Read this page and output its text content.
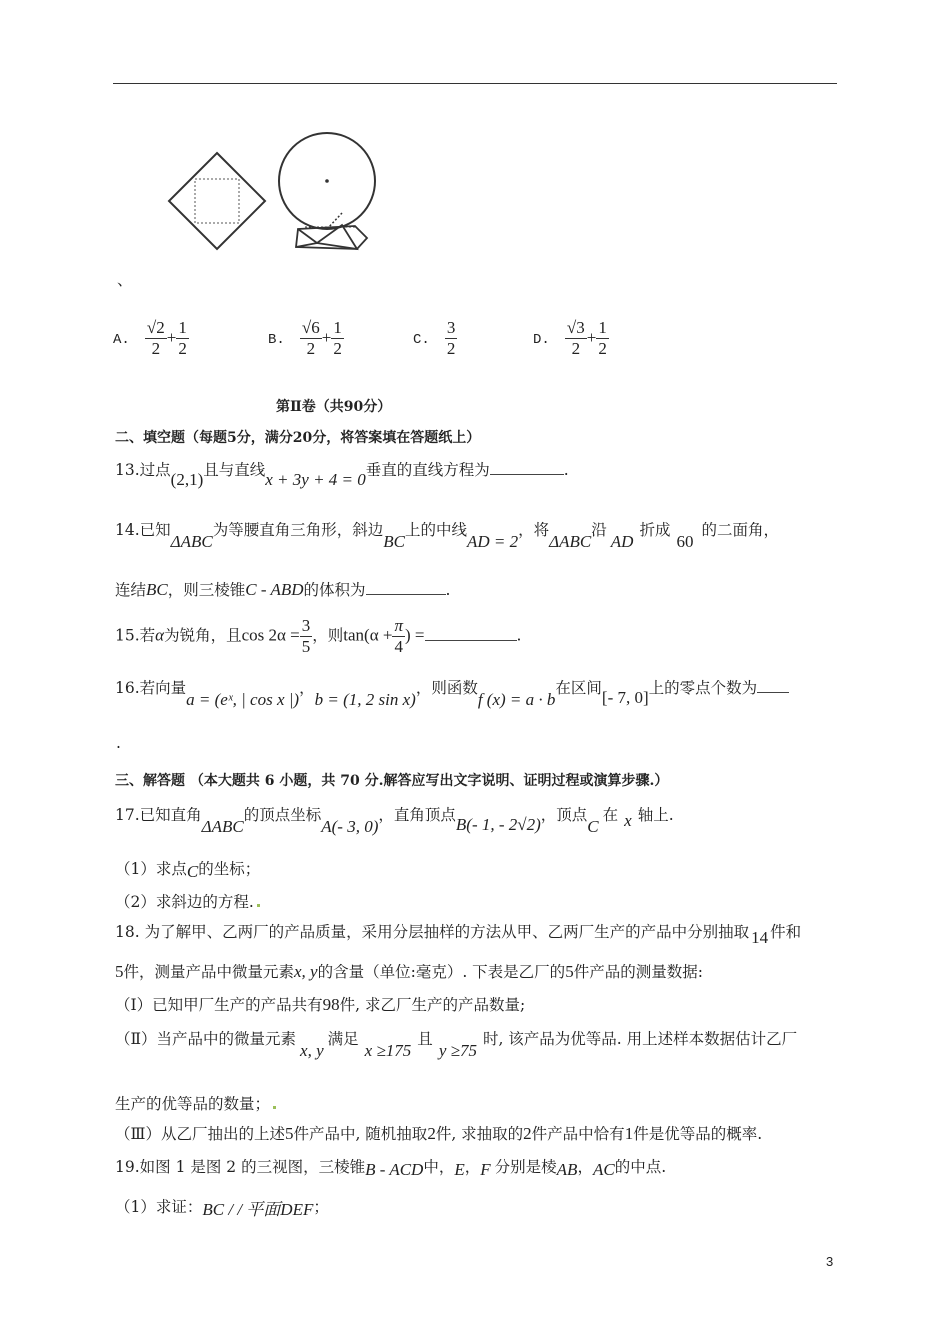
、
A. $\frac{√2}{2} + \frac{1}{2}$	B. $\frac{√6}{2} + \frac{1}{2}$	C. $\frac{3}{2}$	D. $\frac{√3}{2} + \frac{1}{2}$
第Ⅱ卷（共90分）
二、填空题（每题5分，满分20分，将答案填在答题纸上）
13.过点(2,1)且与直线x + 3y + 4 = 0垂直的直线方程为	.
14.已知ΔABC为等腰直角三角形，斜边BC上的中线AD = 2，将ΔABC沿AD折成60的二面角，
连结BC，则三棱锥C - ABD的体积为	.
15.若α为锐角，且$\cos 2\alpha = \frac{3}{5}$ ，则$\tan(\alpha + \frac{\pi}{4}$ ) =	.
16.若向量a = (eˣ, | cos x |)，b = (1, 2 sin x)，则函数f (x) = a · b在区间[- 7, 0]上的零点个数为
.
三、解答题 （本大题共 6 小题，共 70 分.解答应写出文字说明、证明过程或演算步骤.）
17.已知直角ΔABC的顶点坐标A(- 3, 0)，直角顶点B(- 1, - 2√2)，顶点C在 x 轴上.
（1）求点C的坐标；
（2）求斜边的方程.
18. 为了解甲、乙两厂的产品质量，采用分层抽样的方法从甲、乙两厂生产的产品中分别抽取 14 件和
5件，测量产品中微量元素x, y的含量（单位:毫克）. 下表是乙厂的5件产品的测量数据:
（Ⅰ）已知甲厂生产的产品共有98件, 求乙厂生产的产品数量;
（Ⅱ）当产品中的微量元素x, y满足x ≥175且y ≥75时, 该产品为优等品. 用上述样本数据估计乙厂
生产的优等品的数量；
（Ⅲ）从乙厂抽出的上述5件产品中, 随机抽取2件, 求抽取的2件产品中恰有1件是优等品的概率.
19.如图 1 是图 2 的三视图，三棱锥B - ACD中，E，F 分别是棱AB，AC的中点.
（1）求证：BC / / 平面DEF；
3
